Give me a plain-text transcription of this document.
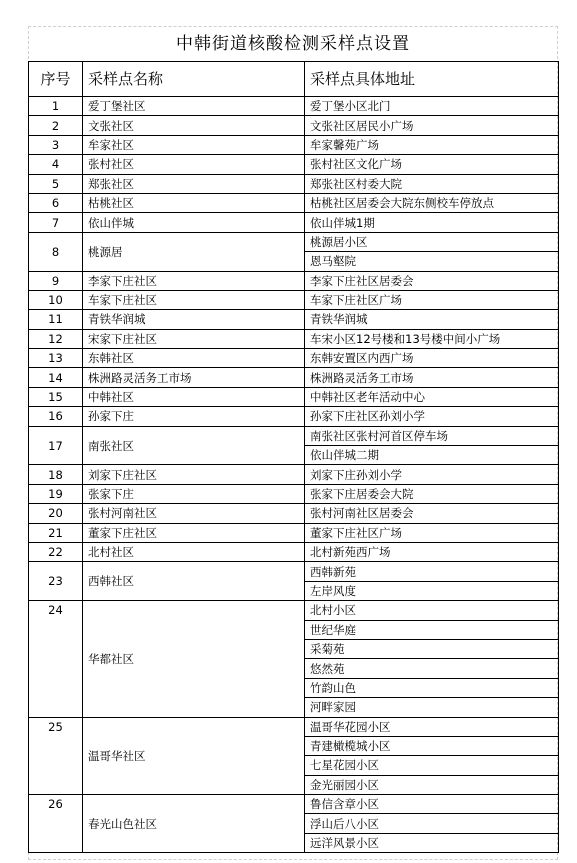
中韩街道核酸检测采样点设置
序号	采样点名称	采样点具体地址
1	爱丁堡社区	爱丁堡小区北门
2	文张社区	文张社区居民小广场
3	牟家社区	牟家馨苑广场
4	张村社区	张村社区文化广场
5	郑张社区	郑张社区村委大院
6	枯桃社区	枯桃社区居委会大院东侧校车停放点
7	依山伴城	依山伴城1期
8	桃源居	桃源居小区
		恩马壑院
9	李家下庄社区	李家下庄社区居委会
10	车家下庄社区	车家下庄社区广场
11	青铁华润城	青铁华润城
12	宋家下庄社区	车宋小区12号楼和13号楼中间小广场
13	东韩社区	东韩安置区内西广场
14	株洲路灵活务工市场	株洲路灵活务工市场
15	中韩社区	中韩社区老年活动中心
16	孙家下庄	孙家下庄社区孙刘小学
17	南张社区	南张社区张村河首区停车场
		依山伴城二期
18	刘家下庄社区	刘家下庄孙刘小学
19	张家下庄	张家下庄居委会大院
20	张村河南社区	张村河南社区居委会
21	董家下庄社区	董家下庄社区广场
22	北村社区	北村新苑西广场
23	西韩社区	西韩新苑
		左岸风度
24	华都社区	北村小区
		世纪华庭
		采菊苑
		悠然苑
		竹韵山色
		河畔家园
25	温哥华社区	温哥华花园小区
		青建橄榄城小区
		七星花园小区
		金光丽园小区
26	春光山色社区	鲁信含章小区
		浮山后八小区
		远洋风景小区
